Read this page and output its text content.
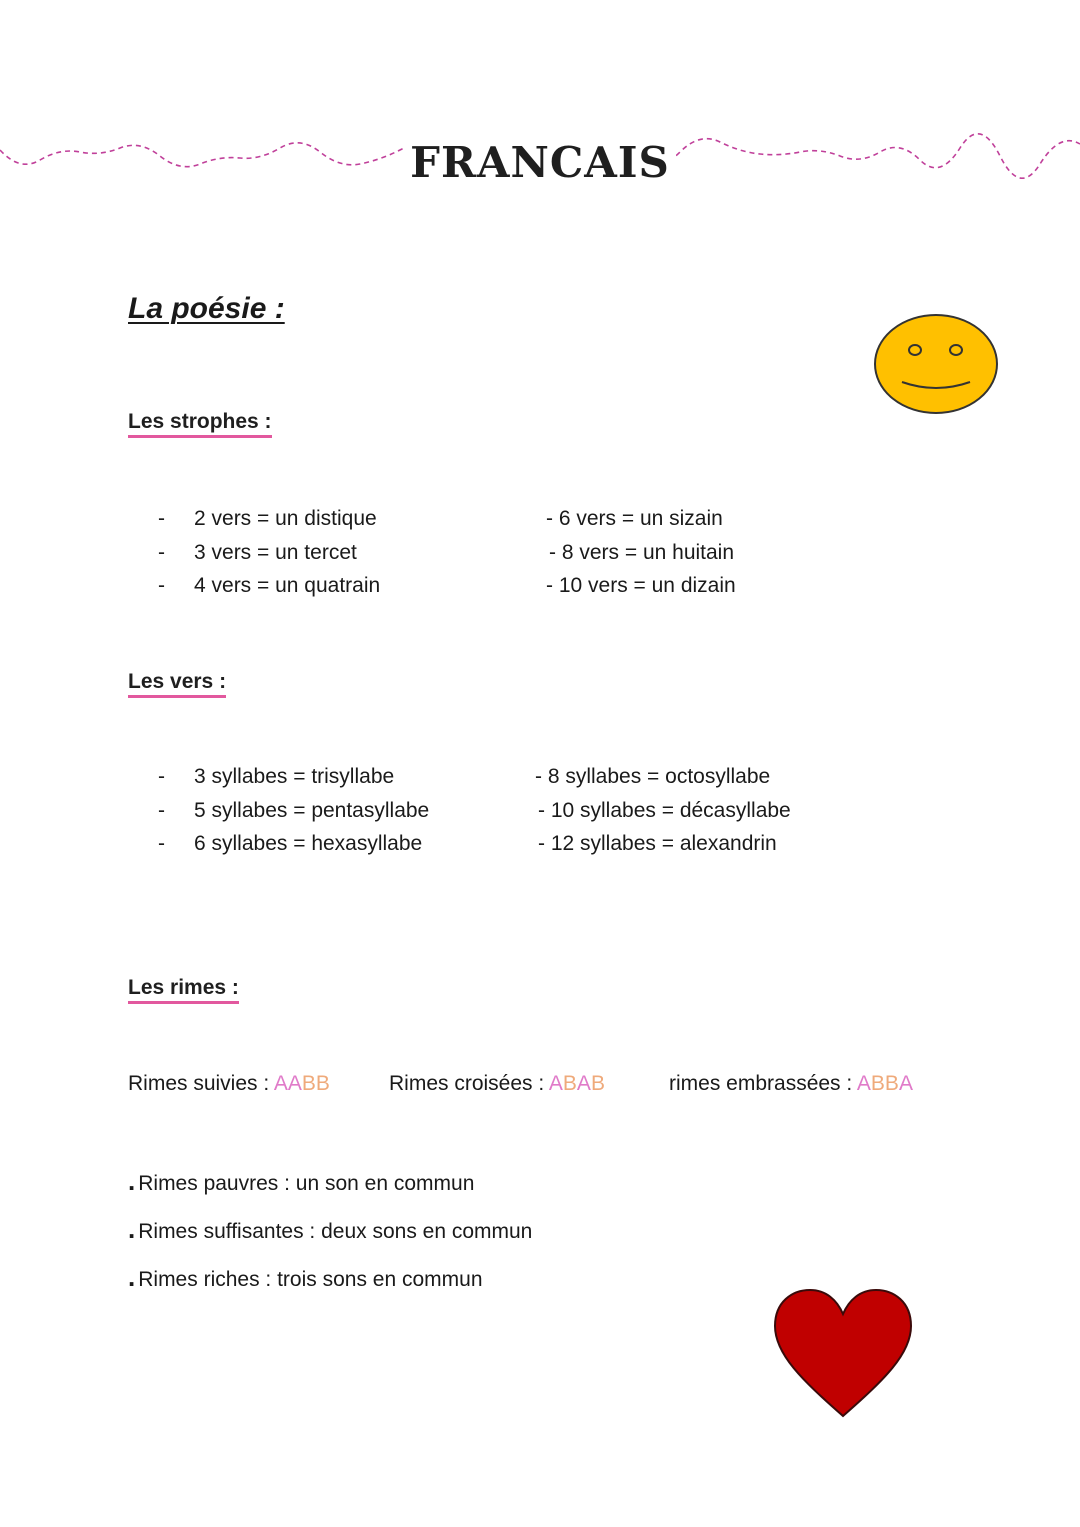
FRANCAIS
La poésie :
Les strophes :
- 2 vers = un distique
- 3 vers = un tercet
- 4 vers = un quatrain
- 6 vers = un sizain
- 8 vers = un huitain
- 10 vers = un dizain
Les vers :
- 3 syllabes = trisyllabe
- 5 syllabes = pentasyllabe
- 6 syllabes = hexasyllabe
- 8 syllabes = octosyllabe
- 10 syllabes = décasyllabe
- 12 syllabes = alexandrin
Les rimes :
Rimes suivies : AABB	Rimes croisées : ABAB	rimes embrassées : ABBA
. Rimes pauvres : un son en commun
. Rimes suffisantes : deux sons en commun
. Rimes riches : trois sons en commun
